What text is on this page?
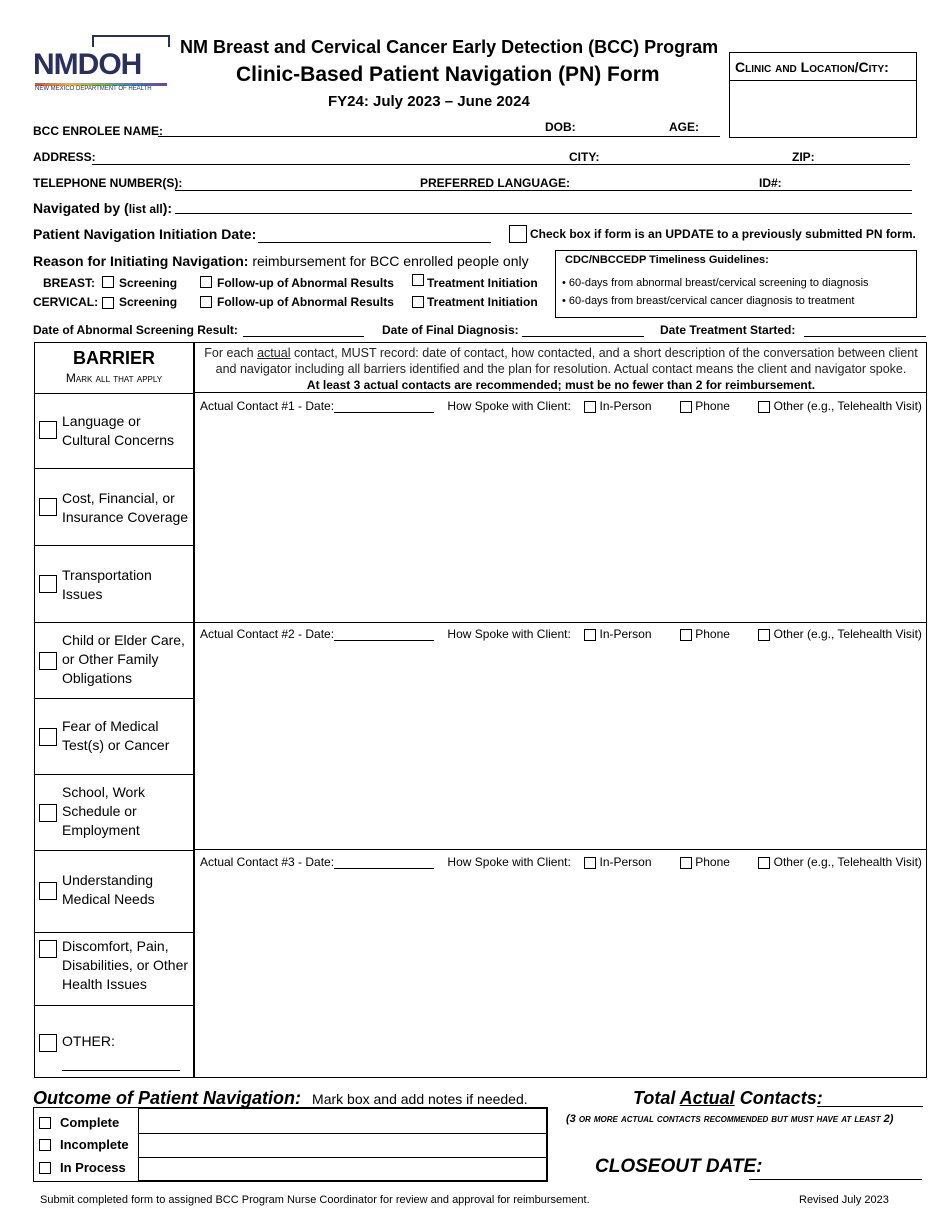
NMDOH
NEW MEXICO DEPARTMENT OF HEALTH
NM Breast and Cervical Cancer Early Detection (BCC) Program
Clinic-Based Patient Navigation (PN) Form
FY24: July 2023 – June 2024
Clinic and Location/City:
BCC ENROLEE NAME:	DOB:	AGE:
ADDRESS:	CITY:	ZIP:
TELEPHONE NUMBER(S):	PREFERRED LANGUAGE:	ID#:
Navigated by (list all):
Patient Navigation Initiation Date:	Check box if form is an UPDATE to a previously submitted PN form.
Reason for Initiating Navigation: reimbursement for BCC enrolled people only
BREAST: Screening	Follow-up of Abnormal Results	Treatment Initiation
CERVICAL: Screening	Follow-up of Abnormal Results	Treatment Initiation
CDC/NBCCEDP Timeliness Guidelines:
• 60-days from abnormal breast/cervical screening to diagnosis
• 60-days from breast/cervical cancer diagnosis to treatment
Date of Abnormal Screening Result:	Date of Final Diagnosis:	Date Treatment Started:
BARRIER
Mark all that apply
Language or Cultural Concerns
Cost, Financial, or Insurance Coverage
Transportation Issues
Child or Elder Care, or Other Family Obligations
Fear of Medical Test(s) or Cancer
School, Work Schedule or Employment
Understanding Medical Needs
Discomfort, Pain, Disabilities, or Other Health Issues
OTHER:
For each actual contact, MUST record: date of contact, how contacted, and a short description of the conversation between client and navigator including all barriers identified and the plan for resolution. Actual contact means the client and navigator spoke.
At least 3 actual contacts are recommended; must be no fewer than 2 for reimbursement.
Actual Contact #1 - Date:	How Spoke with Client: In-Person	Phone	Other (e.g., Telehealth Visit)
Actual Contact #2 - Date:	How Spoke with Client: In-Person	Phone	Other (e.g., Telehealth Visit)
Actual Contact #3 - Date:	How Spoke with Client: In-Person	Phone	Other (e.g., Telehealth Visit)
Outcome of Patient Navigation: Mark box and add notes if needed.
Complete
Incomplete
In Process
Total Actual Contacts:
(3 or more actual contacts recommended but must have at least 2)
CLOSEOUT DATE:
Submit completed form to assigned BCC Program Nurse Coordinator for review and approval for reimbursement.	Revised July 2023
